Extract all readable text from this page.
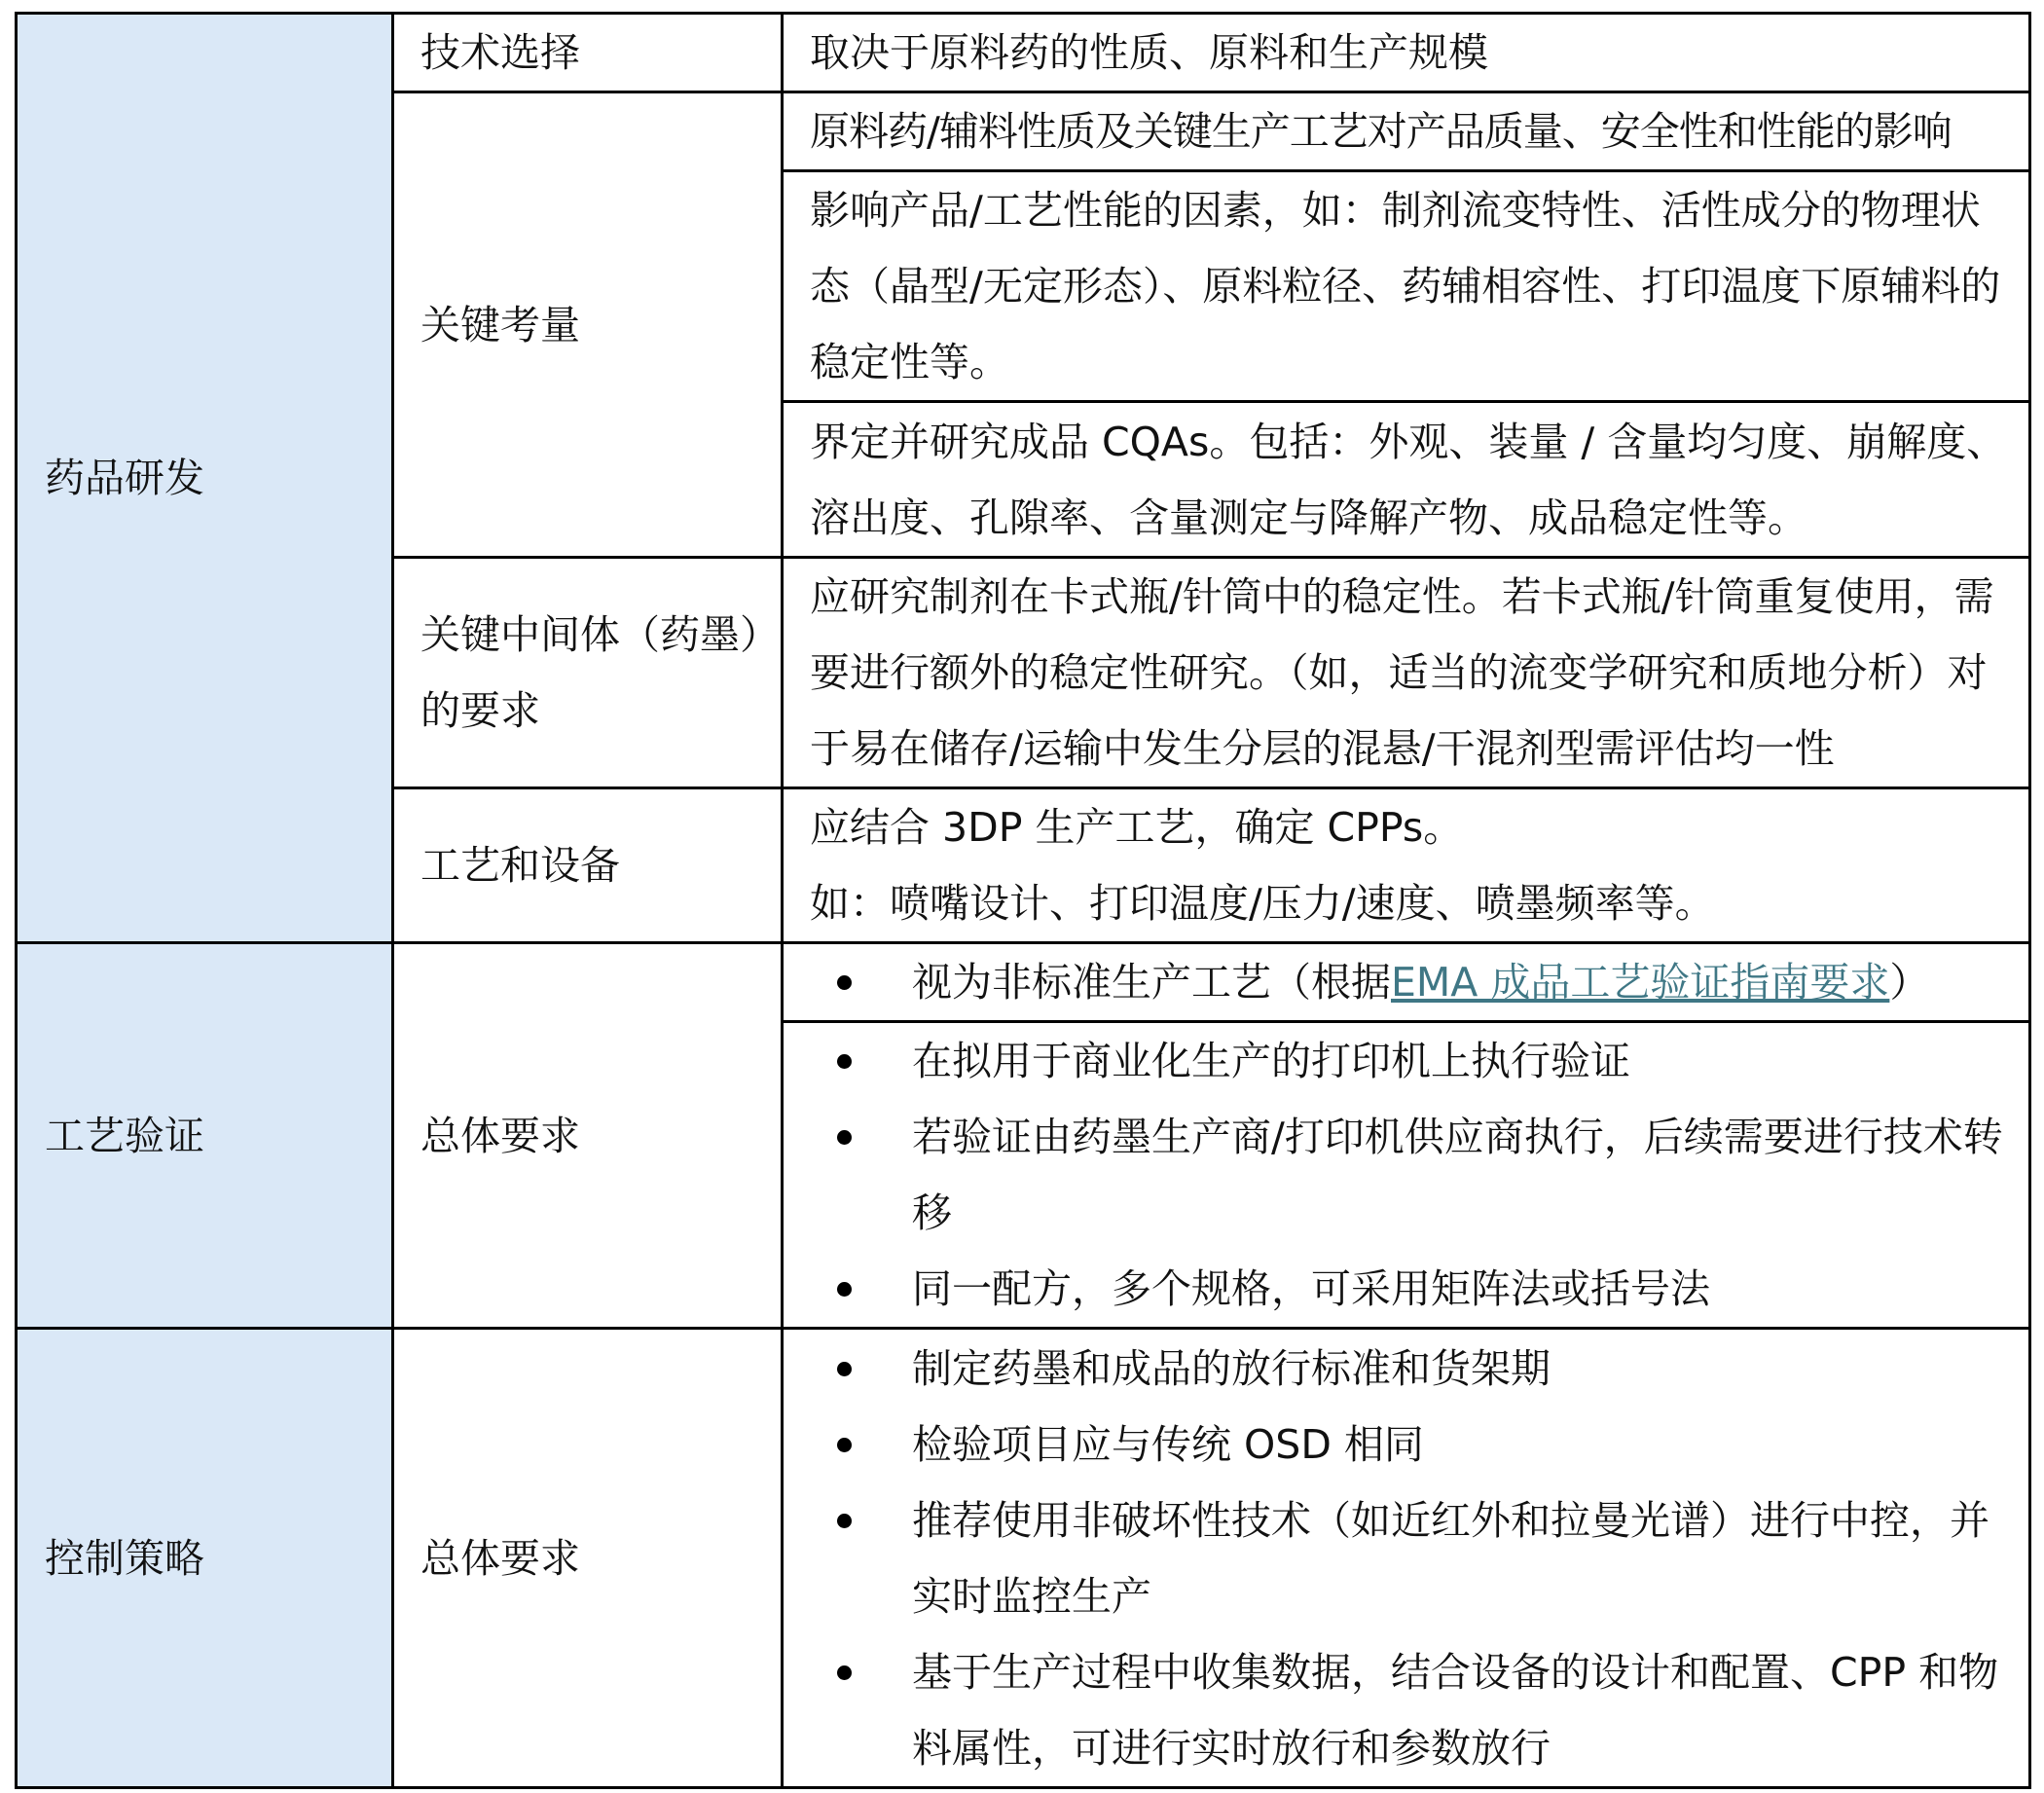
药品研发	技术选择	取决于原料药的性质、原料和生产规模
	关键考量	原料药/辅料性质及关键生产工艺对产品质量、安全性和性能的影响
		影响产品/工艺性能的因素，如：制剂流变特性、活性成分的物理状态（晶型/无定形态）、原料粒径、药辅相容性、打印温度下原辅料的稳定性等。
		界定并研究成品 CQAs。包括：外观、装量 / 含量均匀度、崩解度、溶出度、孔隙率、含量测定与降解产物、成品稳定性等。
	关键中间体（药墨）的要求	应研究制剂在卡式瓶/针筒中的稳定性。若卡式瓶/针筒重复使用，需要进行额外的稳定性研究。（如，适当的流变学研究和质地分析）对于易在储存/运输中发生分层的混悬/干混剂型需评估均一性
	工艺和设备	应结合 3DP 生产工艺，确定 CPPs。
如：喷嘴设计、打印温度/压力/速度、喷墨频率等。

工艺验证	总体要求	视为非标准生产工艺（根据EMA 成品工艺验证指南要求）

		在拟用于商业化生产的打印机上执行验证
若验证由药墨生产商/打印机供应商执行，后续需要进行技术转移
同一配方，多个规格，可采用矩阵法或括号法

控制策略	总体要求	制定药墨和成品的放行标准和货架期
检验项目应与传统 OSD 相同
推荐使用非破坏性技术（如近红外和拉曼光谱）进行中控，并实时监控生产
基于生产过程中收集数据，结合设备的设计和配置、CPP 和物料属性，可进行实时放行和参数放行
